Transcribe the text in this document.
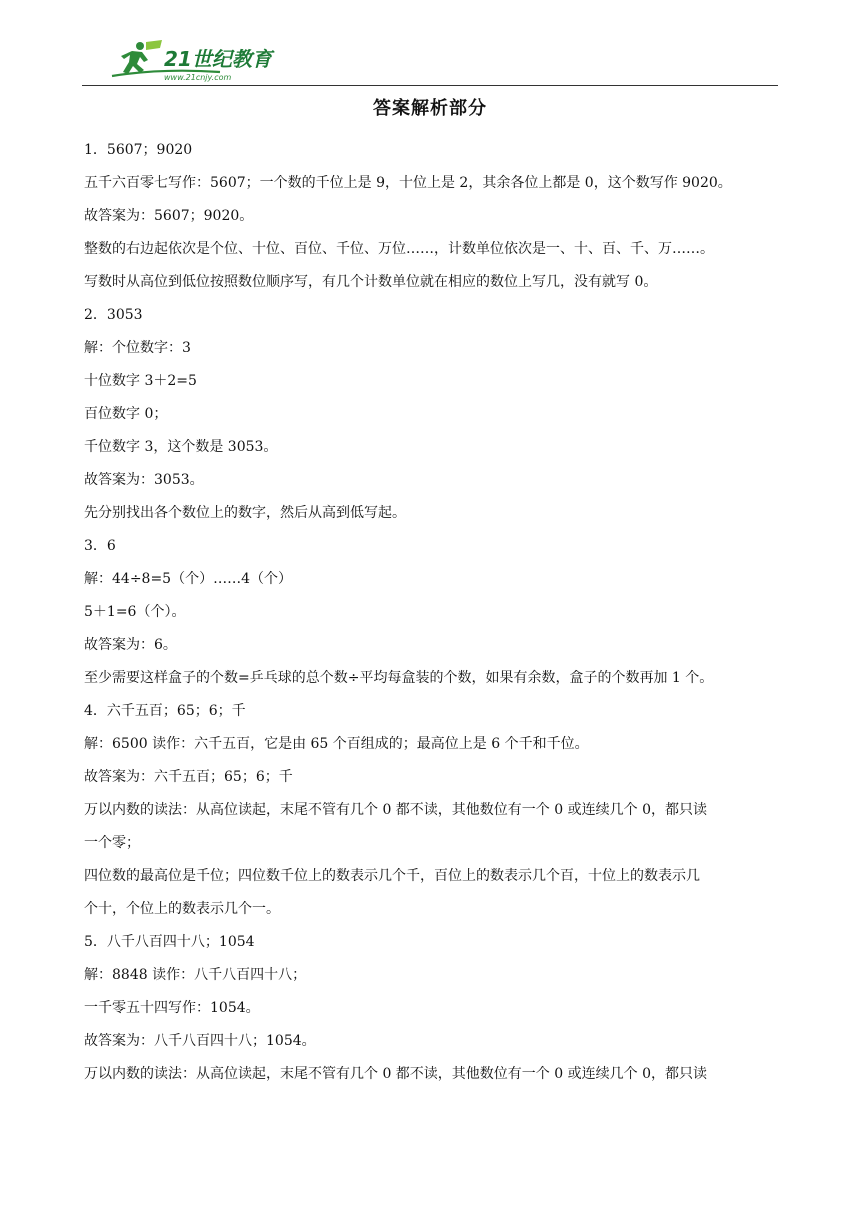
21世纪教育
www.21cnjy.com
答案解析部分
1．5607；9020
五千六百零七写作：5607；一个数的千位上是 9，十位上是 2，其余各位上都是 0，这个数写作 9020。
故答案为：5607；9020。
整数的右边起依次是个位、十位、百位、千位、万位……，计数单位依次是一、十、百、千、万……。
写数时从高位到低位按照数位顺序写，有几个计数单位就在相应的数位上写几，没有就写 0。
2．3053
解：个位数字：3
十位数字 3＋2=5
百位数字 0；
千位数字 3，这个数是 3053。
故答案为：3053。
先分别找出各个数位上的数字，然后从高到低写起。
3．6
解：44÷8=5（个）……4（个）
5＋1=6（个）。
故答案为：6。
至少需要这样盒子的个数=乒乓球的总个数÷平均每盒装的个数，如果有余数，盒子的个数再加 1 个。
4．六千五百；65；6；千
解：6500 读作：六千五百，它是由 65 个百组成的；最高位上是 6 个千和千位。
故答案为：六千五百；65；6；千
万以内数的读法：从高位读起，末尾不管有几个 0 都不读，其他数位有一个 0 或连续几个 0，都只读
一个零；
四位数的最高位是千位；四位数千位上的数表示几个千，百位上的数表示几个百，十位上的数表示几
个十，个位上的数表示几个一。
5．八千八百四十八；1054
解：8848 读作：八千八百四十八；
一千零五十四写作：1054。
故答案为：八千八百四十八；1054。
万以内数的读法：从高位读起，末尾不管有几个 0 都不读，其他数位有一个 0 或连续几个 0，都只读
